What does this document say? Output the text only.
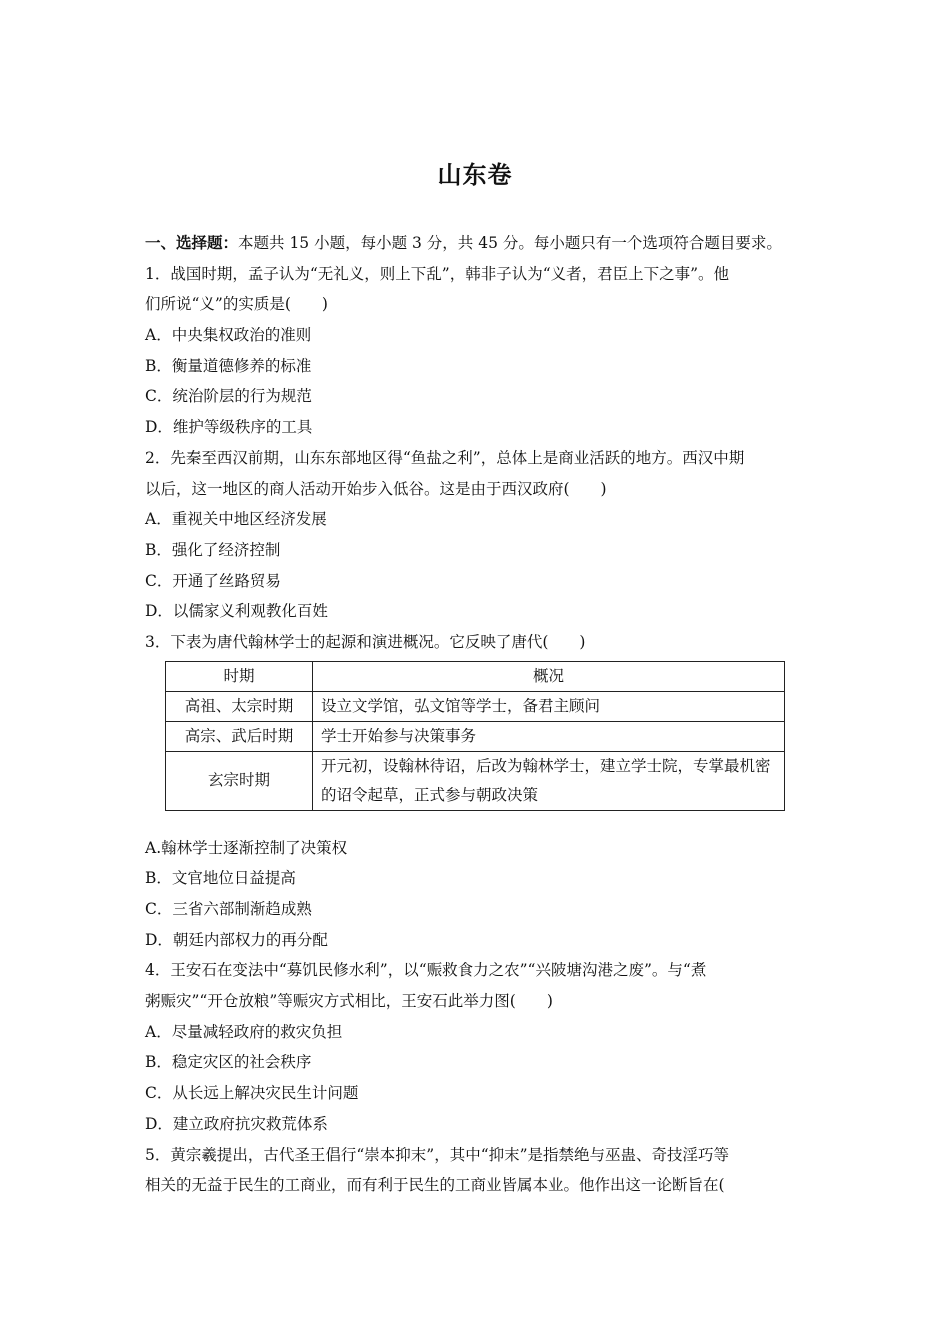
山东卷
一、选择题：本题共 15 小题，每小题 3 分，共 45 分。每小题只有一个选项符合题目要求。
1．战国时期，孟子认为“无礼义，则上下乱”，韩非子认为“义者，君臣上下之事”。他
们所说“义”的实质是(　　)
A．中央集权政治的准则
B．衡量道德修养的标准
C．统治阶层的行为规范
D．维护等级秩序的工具
2．先秦至西汉前期，山东东部地区得“鱼盐之利”，总体上是商业活跃的地方。西汉中期
以后，这一地区的商人活动开始步入低谷。这是由于西汉政府(　　)
A．重视关中地区经济发展
B．强化了经济控制
C．开通了丝路贸易
D．以儒家义利观教化百姓
3．下表为唐代翰林学士的起源和演进概况。它反映了唐代(　　)
时期	概况
高祖、太宗时期	设立文学馆，弘文馆等学士，备君主顾问
高宗、武后时期	学士开始参与决策事务
玄宗时期	开元初，设翰林待诏，后改为翰林学士，建立学士院，专掌最机密的诏令起草，正式参与朝政决策
A.翰林学士逐渐控制了决策权
B．文官地位日益提高
C．三省六部制渐趋成熟
D．朝廷内部权力的再分配
4．王安石在变法中“募饥民修水利”，以“赈救食力之农”“兴陂塘沟港之废”。与“煮
粥赈灾”“开仓放粮”等赈灾方式相比，王安石此举力图(　　)
A．尽量减轻政府的救灾负担
B．稳定灾区的社会秩序
C．从长远上解决灾民生计问题
D．建立政府抗灾救荒体系
5．黄宗羲提出，古代圣王倡行“崇本抑末”，其中“抑末”是指禁绝与巫蛊、奇技淫巧等
相关的无益于民生的工商业，而有利于民生的工商业皆属本业。他作出这一论断旨在(
